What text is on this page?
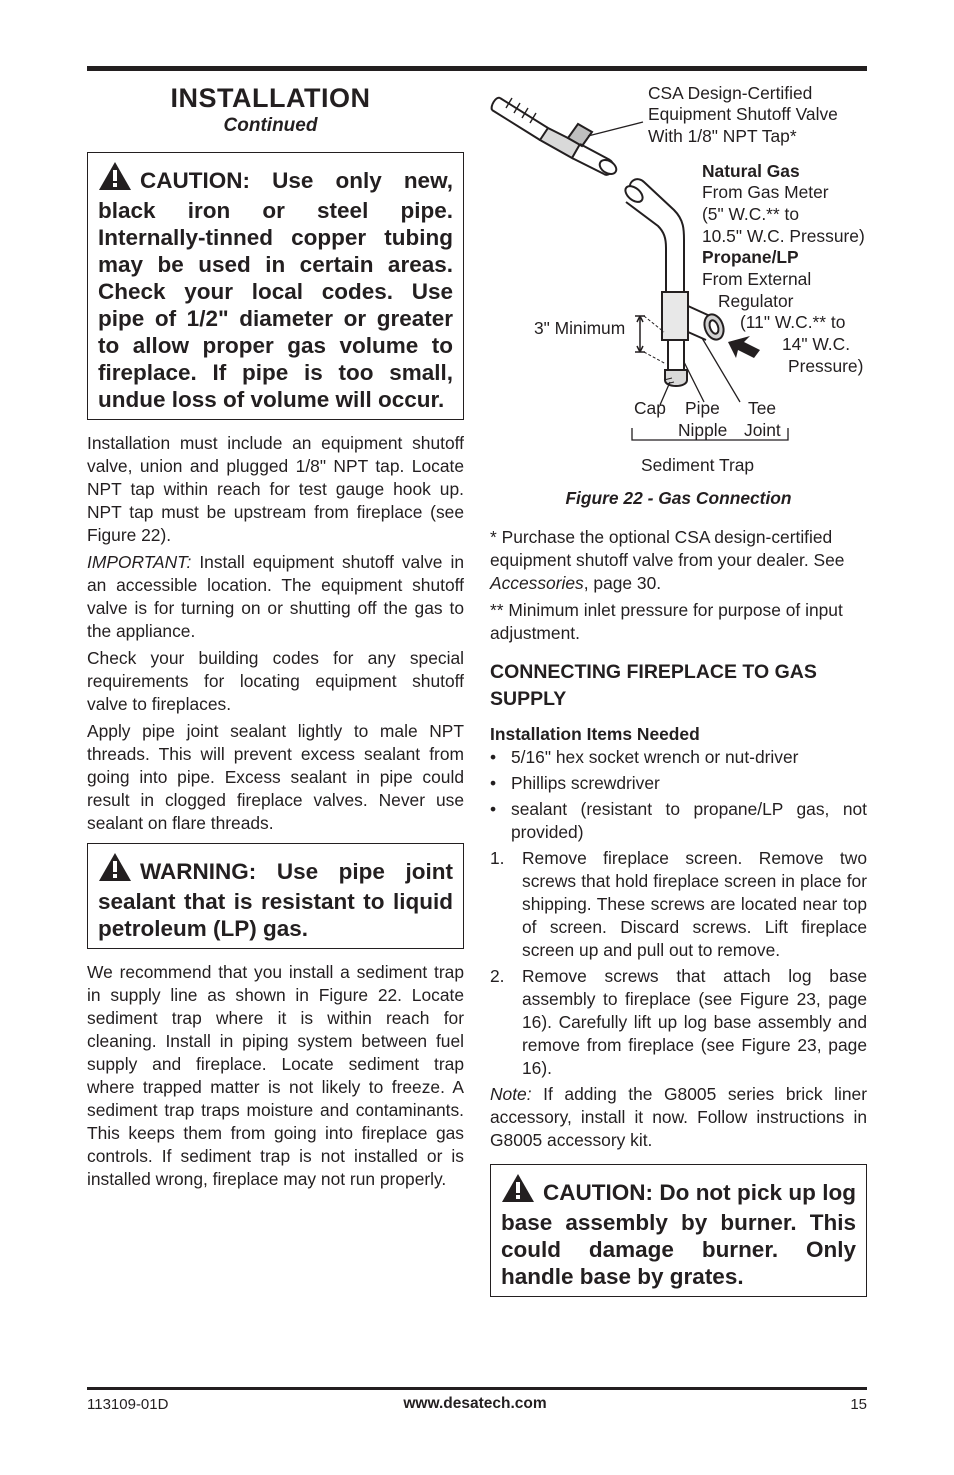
INSTALLATION
Continued
CAUTION: Use only new, black iron or steel pipe. Internally-tinned copper tubing may be used in certain areas. Check your local codes. Use pipe of 1/2" diameter or greater to allow proper gas volume to fireplace. If pipe is too small, undue loss of volume will occur.

Installation must include an equipment shutoff valve, union and plugged 1/8" NPT tap. Locate NPT tap within reach for test gauge hook up. NPT tap must be upstream from fireplace (see Figure 22).

IMPORTANT: Install equipment shutoff valve in an accessible location. The equipment shutoff valve is for turning on or shutting off the gas to the appliance.

Check your building codes for any special requirements for locating equipment shutoff valve to fireplaces.

Apply pipe joint sealant lightly to male NPT threads. This will prevent excess sealant from going into pipe. Excess sealant in pipe could result in clogged fireplace valves. Never use sealant on flare threads.

WARNING: Use pipe joint sealant that is resistant to liquid petroleum (LP) gas.

We recommend that you install a sediment trap in supply line as shown in Figure 22. Locate sediment trap where it is within reach for cleaning. Install in piping system between fuel supply and fireplace. Locate sediment trap where trapped matter is not likely to freeze. A sediment trap traps moisture and contaminants. This keeps them from going into fireplace gas controls. If sediment trap is not installed or is installed wrong, fireplace may not run properly.

CSA Design-Certified
Equipment Shutoff Valve
With 1/8" NPT Tap*
Natural Gas
From Gas Meter
(5" W.C.** to
10.5" W.C. Pressure)
Propane/LP
From External
Regulator
(11" W.C.** to
14" W.C.
Pressure)
3" Minimum
Cap Pipe
Nipple
Tee
Joint
Sediment Trap
Figure 22 - Gas Connection

* Purchase the optional CSA design-certified equipment shutoff valve from your dealer. See Accessories, page 30.

** Minimum inlet pressure for purpose of input adjustment.

CONNECTING FIREPLACE TO GAS SUPPLY
Installation Items Needed
• 5/16" hex socket wrench or nut-driver
• Phillips screwdriver
• sealant (resistant to propane/LP gas, not provided)
1. Remove fireplace screen. Remove two screws that hold fireplace screen in place for shipping. These screws are located near top of screen. Discard screws. Lift fireplace screen up and pull out to remove.
2. Remove screws that attach log base assembly to fireplace (see Figure 23, page 16). Carefully lift up log base assembly and remove from fireplace (see Figure 23, page 16).

Note: If adding the G8005 series brick liner accessory, install it now. Follow instructions in G8005 accessory kit.

CAUTION: Do not pick up log base assembly by burner. This could damage burner. Only handle base by grates.
113109-01D	www.desatech.com	15
